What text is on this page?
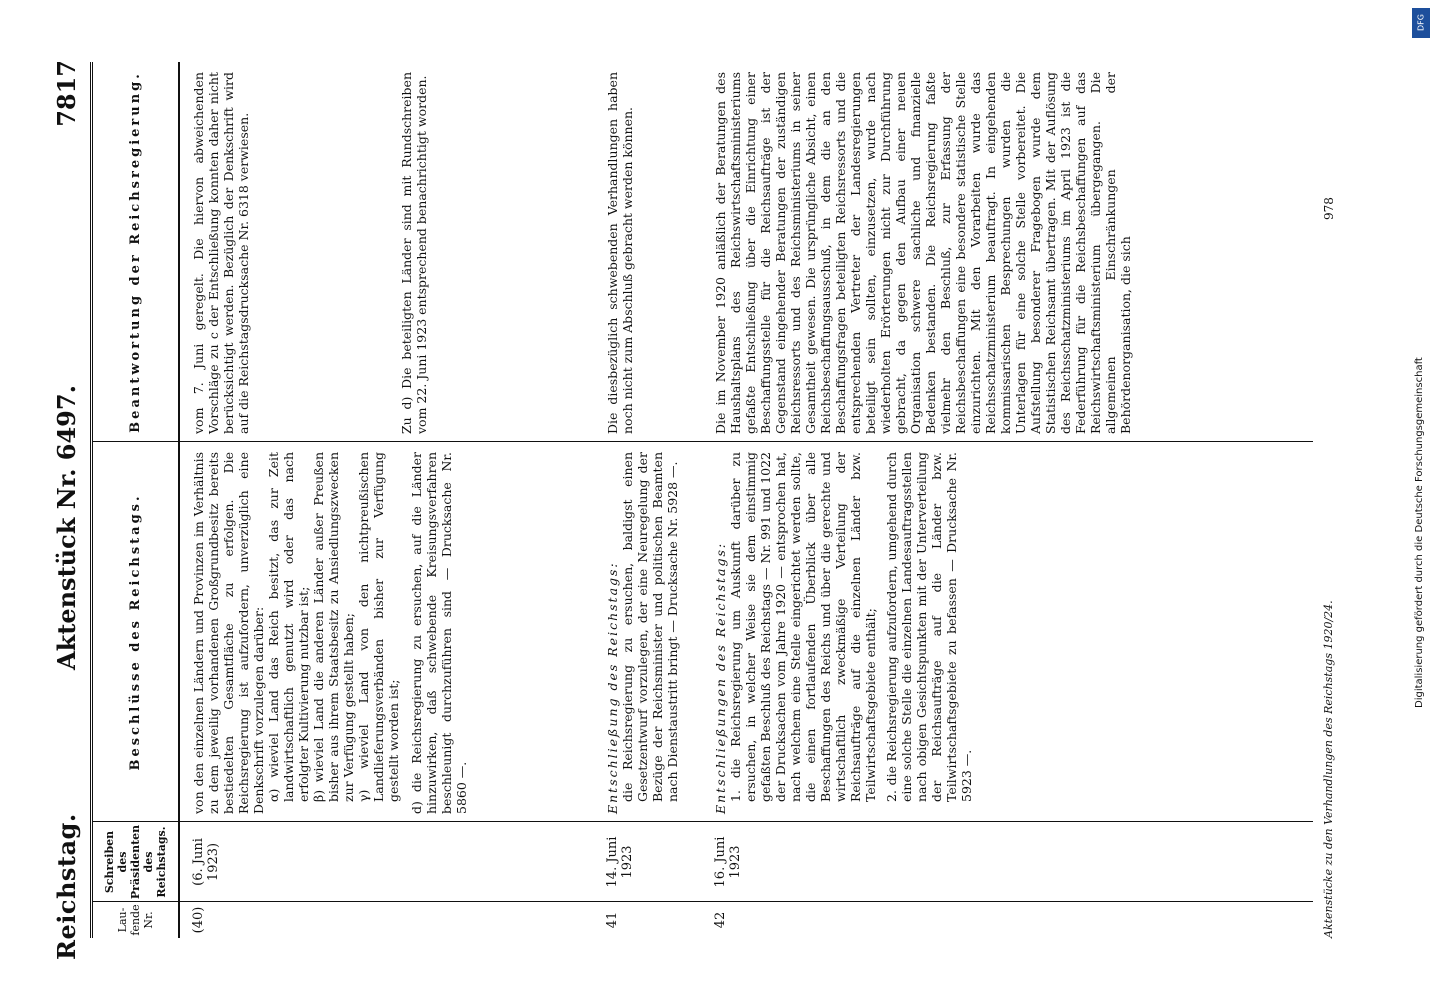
Reichstag.
Aktenstück Nr. 6497.
7817
Lau- fende Nr.
Schreiben des Präsidenten des Reichstags.
Beschlüsse des Reichstags.
Beantwortung der Reichsregierung.
(40)
(6. Juni 1923)
von den einzelnen Ländern und Provinzen im Verhältnis zu dem jeweilig vorhandenen Großgrundbesitz bereits bestiedelten Gesamtfläche zu erfolgen. Die Reichsregierung ist aufzufordern, unverzüglich eine Denkschrift vorzulegen darüber: α) wieviel Land das Reich besitzt, das zur Zeit landwirtschaftlich genutzt wird oder das nach erfolgter Kultivierung nutzbar ist; β) wieviel Land die anderen Länder außer Preußen bisher aus ihrem Staatsbesitz zu Ansiedlungszwecken zur Verfügung gestellt haben; γ) wieviel Land von den nichtpreußischen Landlieferungsverbänden bisher zur Verfügung gestellt worden ist; d) die Reichsregierung zu ersuchen, auf die Länder hinzuwirken, daß schwebende Kreisungsverfahren beschleunigt durchzuführen sind — Drucksache Nr. 5860 —.
vom 7. Juni geregelt. Die hiervon abweichenden Vorschläge zu c der Entschließung konnten daher nicht berücksichtigt werden. Bezüglich der Denkschrift wird auf die Reichstagsdrucksache Nr. 6318 verwiesen.	Zu d) Die beteiligten Länder sind mit Rundschreiben vom 22. Juni 1923 entsprechend benachrichtigt worden.
41
14. Juni 1923
Entschließung des Reichstags: die Reichsregierung zu ersuchen, baldigst einen Gesetzentwurf vorzulegen, der eine Neuregelung der Bezüge der Reichsminister und politischen Beamten nach Dienstaustritt bringt — Drucksache Nr. 5928 —.
Die diesbezüglich schwebenden Verhandlungen haben noch nicht zum Abschluß gebracht werden können.
42
16. Juni 1923
Entschließungen des Reichstags: 1. die Reichsregierung um Auskunft darüber zu ersuchen, in welcher Weise sie dem einstimmig gefaßten Beschluß des Reichstags — Nr. 991 und 1022 der Drucksachen vom Jahre 1920 — entsprochen hat, nach welchem eine Stelle eingerichtet werden sollte, die einen fortlaufenden Überblick über alle Beschaffungen des Reichs und über die gerechte und wirtschaftlich zweckmäßige Verteilung der Reichsaufträge auf die einzelnen Länder bzw. Teilwirtschaftsgebiete enthält; 2. die Reichsregierung aufzufordern, umgehend durch eine solche Stelle die einzelnen Landesauftragsstellen nach obigen Gesichtspunkten mit der Unterverteilung der Reichsaufträge auf die Länder bzw. Teilwirtschaftsgebiete zu befassen — Drucksache Nr. 5923 —.
Die im November 1920 anläßlich der Beratungen des Haushaltsplans des Reichswirtschaftsministeriums gefaßte Entschließung über die Einrichtung einer Beschaffungsstelle für die Reichsaufträge ist der Gegenstand eingehender Beratungen der zuständigen Reichsressorts und des Reichsministeriums in seiner Gesamtheit gewesen. Die ursprüngliche Absicht, einen Reichsbeschaffungsausschuß, in dem die an den Beschaffungsfragen beteiligten Reichsressorts und die entsprechenden Vertreter der Landesregierungen beteiligt sein sollten, einzusetzen, wurde nach wiederholten Erörterungen nicht zur Durchführung gebracht, da gegen den Aufbau einer neuen Organisation schwere sachliche und finanzielle Bedenken bestanden. Die Reichsregierung faßte vielmehr den Beschluß, zur Erfassung der Reichsbeschaffungen eine besondere statistische Stelle einzurichten. Mit den Vorarbeiten wurde das Reichsschatzministerium beauftragt. In eingehenden kommissarischen Besprechungen wurden die Unterlagen für eine solche Stelle vorbereitet. Die Aufstellung besonderer Fragebogen wurde dem Statistischen Reichsamt übertragen. Mit der Auflösung des Reichsschatzministeriums im April 1923 ist die Federführung für die Reichsbeschaffungen auf das Reichswirtschaftsministerium übergegangen. Die allgemeinen Einschränkungen der Behördenorganisation, die sich
Aktenstücke zu den Verhandlungen des Reichstags 1920/24.
978
DFG
Digitalisierung gefördert durch die Deutsche Forschungsgemeinschaft
